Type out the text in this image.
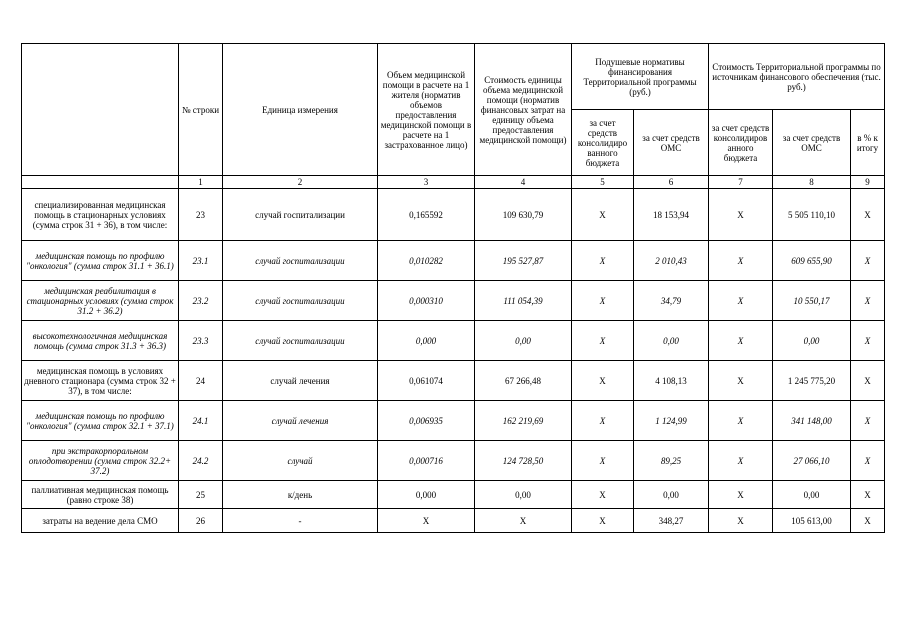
	№ строки	Единица измерения	Объем медицинской помощи в расчете на 1 жителя (норматив объемов предоставления медицинской помощи в расчете на 1 застрахованное лицо)	Стоимость единицы объема медицинской помощи (норматив финансовых затрат на единицу объема предоставления медицинской помощи)	Подушевые нормативы финансирования Территориальной программы (руб.)		Стоимость Территориальной программы по источникам финансового обеспечения (тыс. руб.)		
					за счет средств консолидиро ванного бюджета	за счет средств ОМС	за счет средств консолидиров анного бюджета	за счет средств ОМС	в % к итогу
	1	2	3	4	5	6	7	8	9
специализированная медицинская помощь в стационарных условиях (сумма строк 31 + 36), в том числе:	23	случай госпитализации	0,165592	109 630,79	X	18 153,94	X	5 505 110,10	X
медицинская помощь по профилю "онкология" (сумма строк 31.1 + 36.1)	23.1	случай госпитализации	0,010282	195 527,87	X	2 010,43	X	609 655,90	X
медицинская реабилитация в стационарных условиях (сумма строк 31.2 + 36.2)	23.2	случай госпитализации	0,000310	111 054,39	X	34,79	X	10 550,17	X
высокотехнологичная медицинская помощь (сумма строк 31.3 + 36.3)	23.3	случай госпитализации	0,000	0,00	X	0,00	X	0,00	X
медицинская помощь в условиях дневного стационара (сумма строк 32 + 37), в том числе:	24	случай лечения	0,061074	67 266,48	X	4 108,13	X	1 245 775,20	X
медицинская помощь по профилю "онкология" (сумма строк 32.1 + 37.1)	24.1	случай лечения	0,006935	162 219,69	X	1 124,99	X	341 148,00	X
при экстракорпоральном оплодотворении (сумма строк 32.2+ 37.2)	24.2	случай	0,000716	124 728,50	X	89,25	X	27 066,10	X
паллиативная медицинская помощь (равно строке 38)	25	к/день	0,000	0,00	X	0,00	X	0,00	X
затраты на ведение дела СМО	26	-	X	X	X	348,27	X	105 613,00	X
